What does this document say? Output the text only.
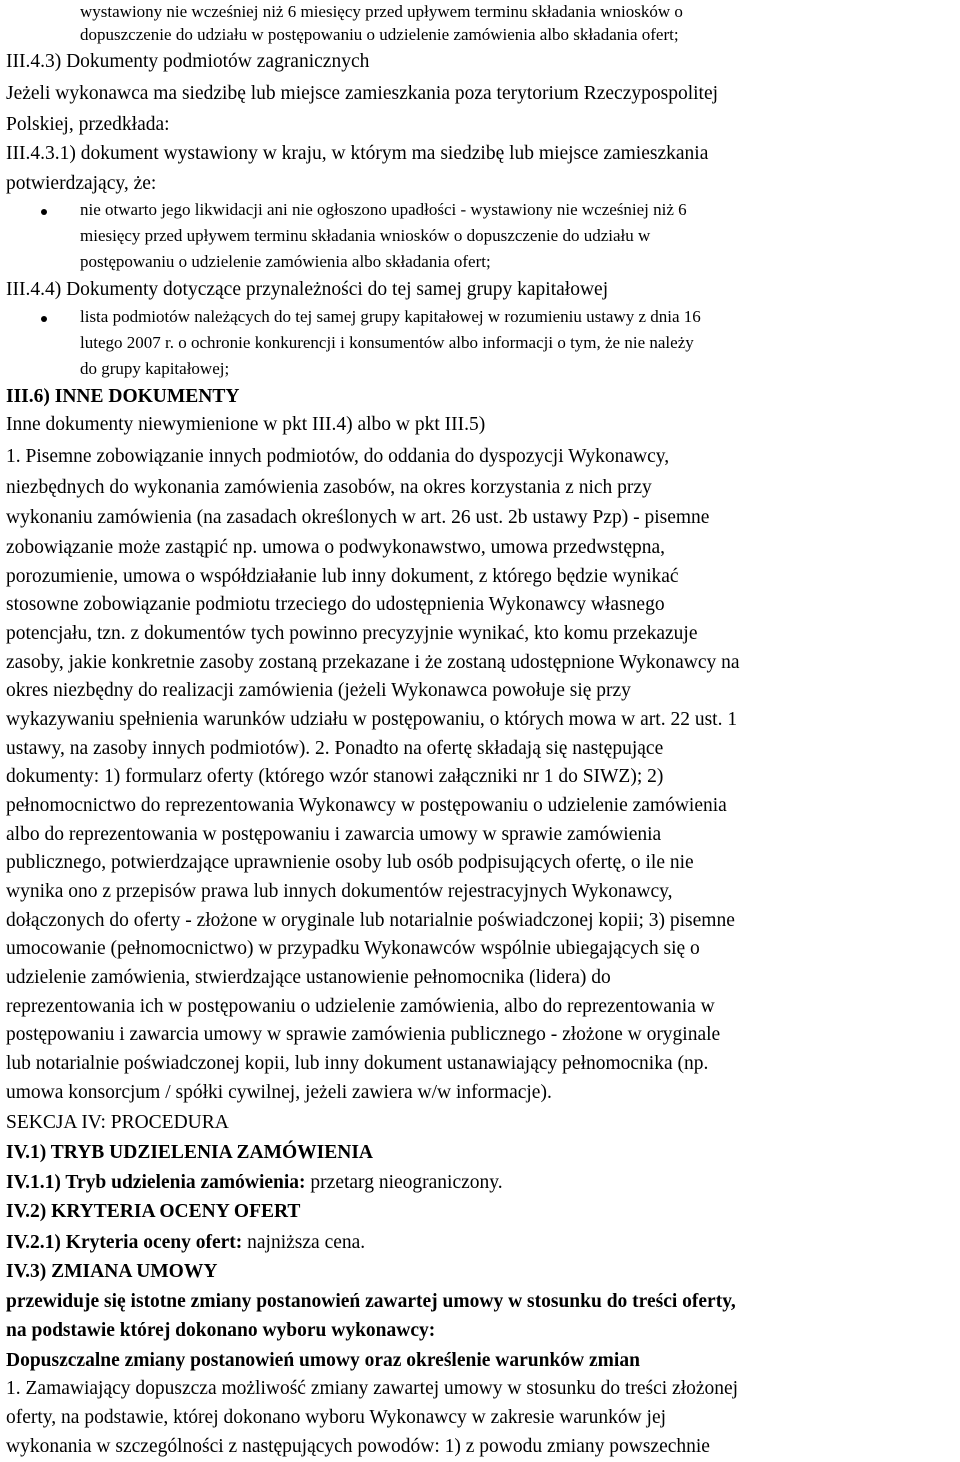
wystawiony nie wcześniej niż 6 miesięcy przed upływem terminu składania wniosków o
dopuszczenie do udziału w postępowaniu o udzielenie zamówienia albo składania ofert;
III.4.3) Dokumenty podmiotów zagranicznych
Jeżeli wykonawca ma siedzibę lub miejsce zamieszkania poza terytorium Rzeczypospolitej
Polskiej, przedkłada:
III.4.3.1) dokument wystawiony w kraju, w którym ma siedzibę lub miejsce zamieszkania
potwierdzający, że:
nie otwarto jego likwidacji ani nie ogłoszono upadłości - wystawiony nie wcześniej niż 6
miesięcy przed upływem terminu składania wniosków o dopuszczenie do udziału w
postępowaniu o udzielenie zamówienia albo składania ofert;
III.4.4) Dokumenty dotyczące przynależności do tej samej grupy kapitałowej
lista podmiotów należących do tej samej grupy kapitałowej w rozumieniu ustawy z dnia 16
lutego 2007 r. o ochronie konkurencji i konsumentów albo informacji o tym, że nie należy
do grupy kapitałowej;
III.6) INNE DOKUMENTY
Inne dokumenty niewymienione w pkt III.4) albo w pkt III.5)
1. Pisemne zobowiązanie innych podmiotów, do oddania do dyspozycji Wykonawcy,
niezbędnych do wykonania zamówienia zasobów, na okres korzystania z nich przy
wykonaniu zamówienia (na zasadach określonych w art. 26 ust. 2b ustawy Pzp) - pisemne
zobowiązanie może zastąpić np. umowa o podwykonawstwo, umowa przedwstępna,
porozumienie, umowa o współdziałanie lub inny dokument, z którego będzie wynikać
stosowne zobowiązanie podmiotu trzeciego do udostępnienia Wykonawcy własnego
potencjału, tzn. z dokumentów tych powinno precyzyjnie wynikać, kto komu przekazuje
zasoby, jakie konkretnie zasoby zostaną przekazane i że zostaną udostępnione Wykonawcy na
okres niezbędny do realizacji zamówienia (jeżeli Wykonawca powołuje się przy
wykazywaniu spełnienia warunków udziału w postępowaniu, o których mowa w art. 22 ust. 1
ustawy, na zasoby innych podmiotów). 2. Ponadto na ofertę składają się następujące
dokumenty: 1) formularz oferty (którego wzór stanowi załączniki nr 1 do SIWZ); 2)
pełnomocnictwo do reprezentowania Wykonawcy w postępowaniu o udzielenie zamówienia
albo do reprezentowania w postępowaniu i zawarcia umowy w sprawie zamówienia
publicznego, potwierdzające uprawnienie osoby lub osób podpisujących ofertę, o ile nie
wynika ono z przepisów prawa lub innych dokumentów rejestracyjnych Wykonawcy,
dołączonych do oferty - złożone w oryginale lub notarialnie poświadczonej kopii; 3) pisemne
umocowanie (pełnomocnictwo) w przypadku Wykonawców wspólnie ubiegających się o
udzielenie zamówienia, stwierdzające ustanowienie pełnomocnika (lidera) do
reprezentowania ich w postępowaniu o udzielenie zamówienia, albo do reprezentowania w
postępowaniu i zawarcia umowy w sprawie zamówienia publicznego - złożone w oryginale
lub notarialnie poświadczonej kopii, lub inny dokument ustanawiający pełnomocnika (np.
umowa konsorcjum / spółki cywilnej, jeżeli zawiera w/w informacje).
SEKCJA IV: PROCEDURA
IV.1) TRYB UDZIELENIA ZAMÓWIENIA
IV.1.1) Tryb udzielenia zamówienia: przetarg nieograniczony.
IV.2) KRYTERIA OCENY OFERT
IV.2.1) Kryteria oceny ofert: najniższa cena.
IV.3) ZMIANA UMOWY
przewiduje się istotne zmiany postanowień zawartej umowy w stosunku do treści oferty,
na podstawie której dokonano wyboru wykonawcy:
Dopuszczalne zmiany postanowień umowy oraz określenie warunków zmian
1. Zamawiający dopuszcza możliwość zmiany zawartej umowy w stosunku do treści złożonej
oferty, na podstawie, której dokonano wyboru Wykonawcy w zakresie warunków jej
wykonania w szczególności z następujących powodów: 1) z powodu zmiany powszechnie
